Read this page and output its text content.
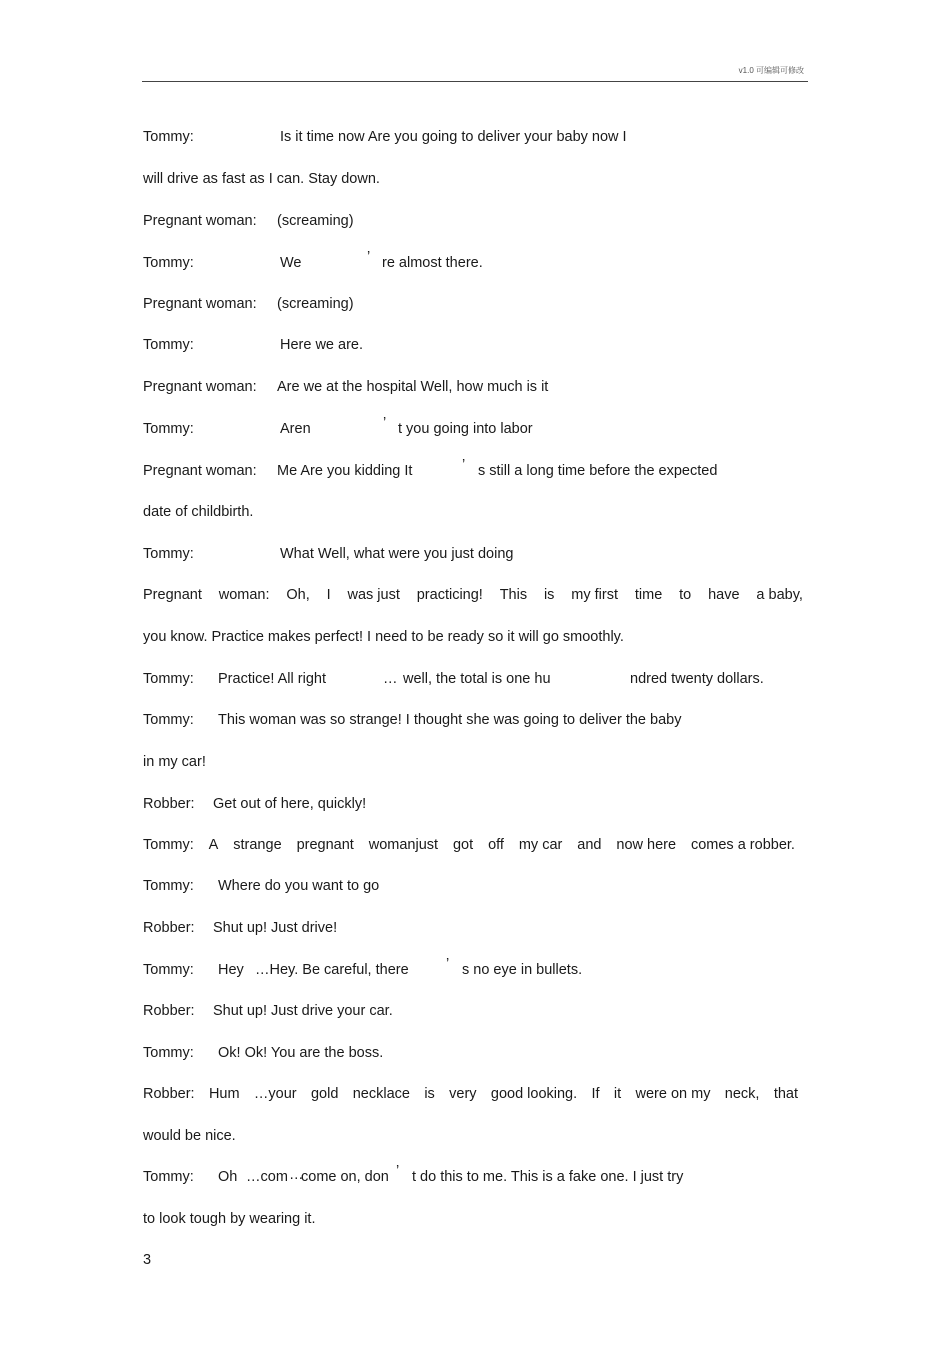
v1.0 可编辑可修改
Tommy:	Is it time now Are you going to deliver your baby now I
will drive as fast as I can. Stay down.
Pregnant woman: (screaming)
Tommy:	We	’ re almost there.
Pregnant woman: (screaming)
Tommy:	Here we are.
Pregnant woman: Are we at the hospital Well, how much is it
Tommy:	Aren	’ t you going into labor
Pregnant woman: Me Are you kidding It	’ s still a long time before the expected
date of childbirth.
Tommy:	What Well, what were you just doing
Pregnant woman: Oh, I was just practicing! This is my first time to have a baby,
you know. Practice makes perfect! I need to be ready so it will go smoothly.
Tommy: Practice! All right	… well, the total is one hu	ndred twenty dollars.
Tommy: This woman was so strange! I thought she was going to deliver the baby
in my car!
Robber: Get out of here, quickly!
Tommy: A strange pregnant womanjust got off my car and now here comes a robber.
Tommy: Where do you want to go
Robber: Shut up! Just drive!
Tommy: Hey …Hey. Be careful, there	’ s no eye in bullets.
Robber: Shut up! Just drive your car.
Tommy: Ok! Ok! You are the boss.
Robber: Hum …your gold necklace is very good looking. If it were on my neck, that
would be nice.
Tommy: Oh …com …
come on, don ’ t do this to me. This is a fake one. I just try
to look tough by wearing it.
3
